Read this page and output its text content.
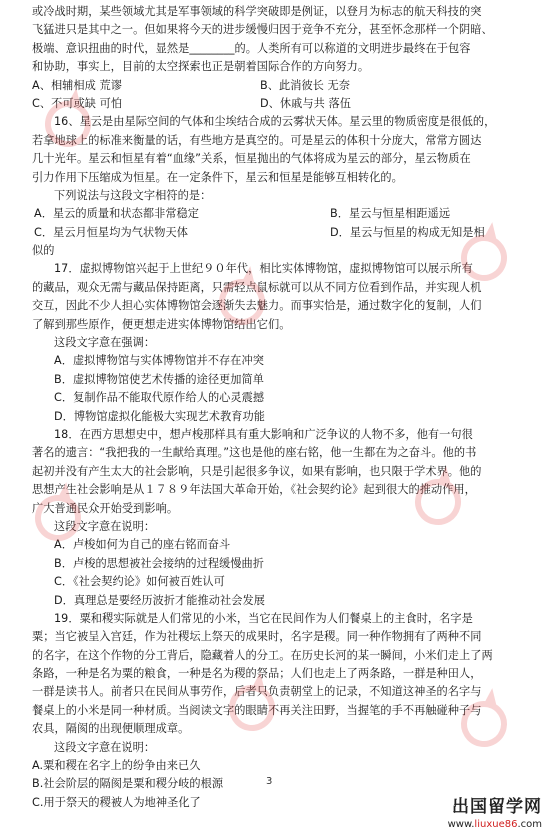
或冷战时期，某些领域尤其是军事领域的科学突破即是例证，以登月为标志的航天科技的突
飞猛进只是其中之一。但如果将今天的进步缓慢归因于竞争不充分，甚至怀念那样一个阴暗、
极端、意识扭曲的时代，显然是________的。人类所有可以称道的文明进步最终在于包容
和协助，事实上，目前的太空探索也正是朝着国际合作的方向努力。
A、相辅相成 荒谬	B、此消彼长 无奈
C、不可或缺 可怕	D、休戚与共 落伍
16、星云是由星际空间的气体和尘埃结合成的云雾状天体。星云里的物质密度是很低的，
若拿地球上的标准来衡量的话，有些地方是真空的。可是星云的体积十分庞大，常常方圆达
几十光年。星云和恒星有着“血缘”关系，恒星抛出的气体将成为星云的部分，星云物质在
引力作用下压缩成为恒星。在一定条件下，星云和恒星是能够互相转化的。
下列说法与这段文字相符的是：
A．星云的质量和状态都非常稳定	B．星云与恒星相距遥远
C．星云月恒星均为气状物天体	D．星云与恒星的构成无知是相
似的
17．虚拟博物馆兴起于上世纪９０年代，相比实体博物馆，虚拟博物馆可以展示所有
的藏品，观众无需与藏品保持距离，只需轻点鼠标就可以从不同方位看到作品，并实现人机
交互，因此不少人担心实体博物馆会逐渐失去魅力。而事实恰是，通过数字化的复制，人们
了解到那些原作，便更想走进实体博物馆结出它们。
这段文字意在强调：
A．虚拟博物馆与实体博物馆并不存在冲突
B．虚拟博物馆使艺术传播的途径更加简单
C．复制作品不能取代原作给人的心灵震撼
D．博物馆虚拟化能极大实现艺术教育功能
18．在西方思想史中，想卢梭那样具有重大影响和广泛争议的人物不多，他有一句很
著名的遗言：“我把我的一生献给真理。”这也是他的座右铭，他一生都在为之奋斗。他的书
起初并没有产生太大的社会影响，只是引起很多争议，如果有影响，也只限于学术界。他的
思想产生社会影响是从１７８９年法国大革命开始，《社会契约论》起到很大的推动作用，
广大普通民众开始受到影响。
这段文字意在说明：
A．卢梭如何为自己的座右铭而奋斗
B．卢梭的思想被社会接纳的过程缓慢曲折
C．《社会契约论》如何被百姓认可
D．真理总是要经历波折才能推动社会发展
19．粟和稷实际就是人们常见的小米，当它在民间作为人们餐桌上的主食时，名字是
粟；当它被呈入宫廷，作为社稷坛上祭天的成果时，名字是稷。同一种作物拥有了两种不同
的名字，在这个作物的分工背后，隐藏着人的分工。在历史长河的某一瞬间，小米们走上了两
条路，一种是名为粟的粮食，一种是名为稷的祭品；人们也走上了两条路，一群是种田人，
一群是读书人。前者只在民间从事劳作，后者只负责朝堂上的记录，不知道这神圣的名字与
餐桌上的小米是同一种材质。当阅读文字的眼睛不再关注田野，当握笔的手不再触碰种子与
农具，隔阂的出现便顺理成章。
这段文字意在说明：
A.粟和稷在名字上的纷争由来已久
B.社会阶层的隔阂是粟和稷分岐的根源
C.用于祭天的稷被人为地神圣化了
3
出国留学网
www.liuxue86.com
